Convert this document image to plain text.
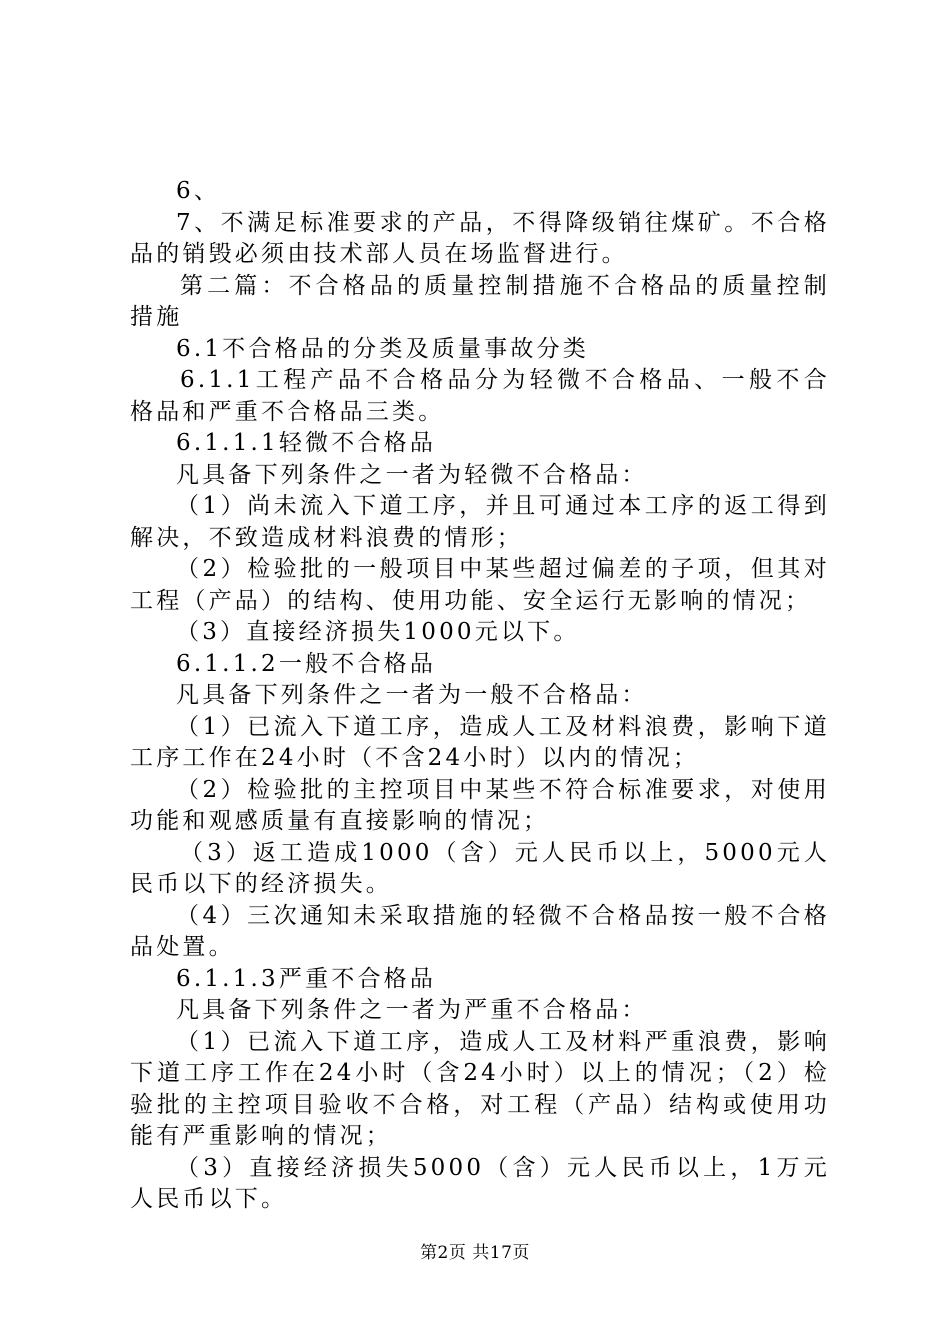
6、

7、不满足标准要求的产品，不得降级销往煤矿。不合格品的销毁必须由技术部人员在场监督进行。

第二篇：不合格品的质量控制措施不合格品的质量控制措施

6.1不合格品的分类及质量事故分类

6.1.1工程产品不合格品分为轻微不合格品、一般不合格品和严重不合格品三类。

6.1.1.1轻微不合格品

凡具备下列条件之一者为轻微不合格品：

（1）尚未流入下道工序，并且可通过本工序的返工得到解决，不致造成材料浪费的情形；

（2）检验批的一般项目中某些超过偏差的子项，但其对工程（产品）的结构、使用功能、安全运行无影响的情况；

（3）直接经济损失1000元以下。

6.1.1.2一般不合格品

凡具备下列条件之一者为一般不合格品：

（1）已流入下道工序，造成人工及材料浪费，影响下道工序工作在24小时（不含24小时）以内的情况；

（2）检验批的主控项目中某些不符合标准要求，对使用功能和观感质量有直接影响的情况；

（3）返工造成1000（含）元人民币以上，5000元人民币以下的经济损失。

（4）三次通知未采取措施的轻微不合格品按一般不合格品处置。

6.1.1.3严重不合格品

凡具备下列条件之一者为严重不合格品：

（1）已流入下道工序，造成人工及材料严重浪费，影响下道工序工作在24小时（含24小时）以上的情况；（2）检验批的主控项目验收不合格，对工程（产品）结构或使用功能有严重影响的情况；

（3）直接经济损失5000（含）元人民币以上，1万元人民币以下。

第2页 共17页
